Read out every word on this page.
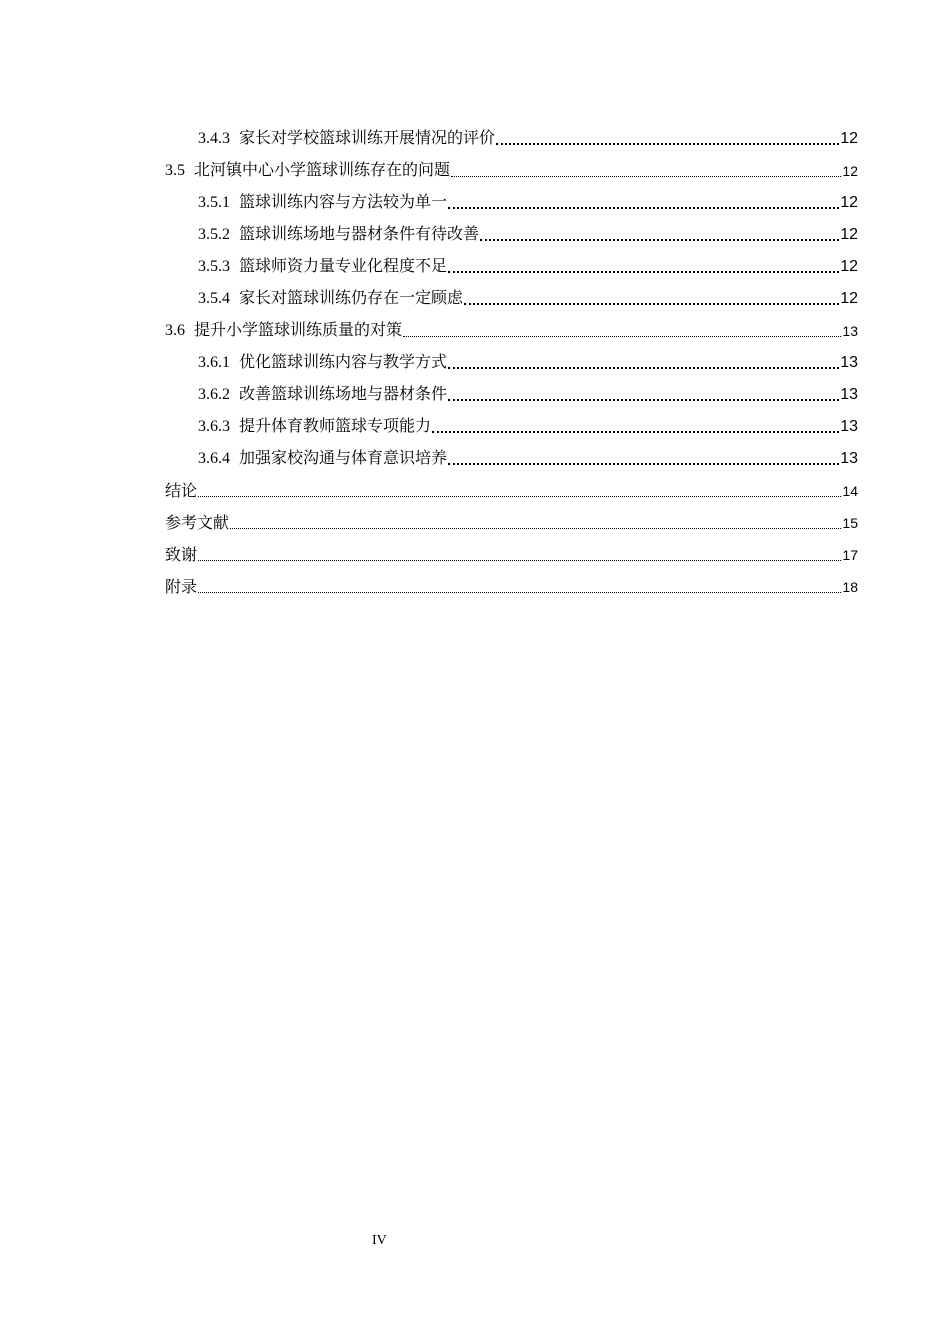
3.4.3 家长对学校篮球训练开展情况的评价	12
3.5 北河镇中心小学篮球训练存在的问题	12
3.5.1 篮球训练内容与方法较为单一	12
3.5.2 篮球训练场地与器材条件有待改善	12
3.5.3 篮球师资力量专业化程度不足	12
3.5.4 家长对篮球训练仍存在一定顾虑	12
3.6 提升小学篮球训练质量的对策	13
3.6.1 优化篮球训练内容与教学方式	13
3.6.2 改善篮球训练场地与器材条件	13
3.6.3 提升体育教师篮球专项能力	13
3.6.4 加强家校沟通与体育意识培养	13
结论	14
参考文献	15
致谢	17
附录	18
IV
